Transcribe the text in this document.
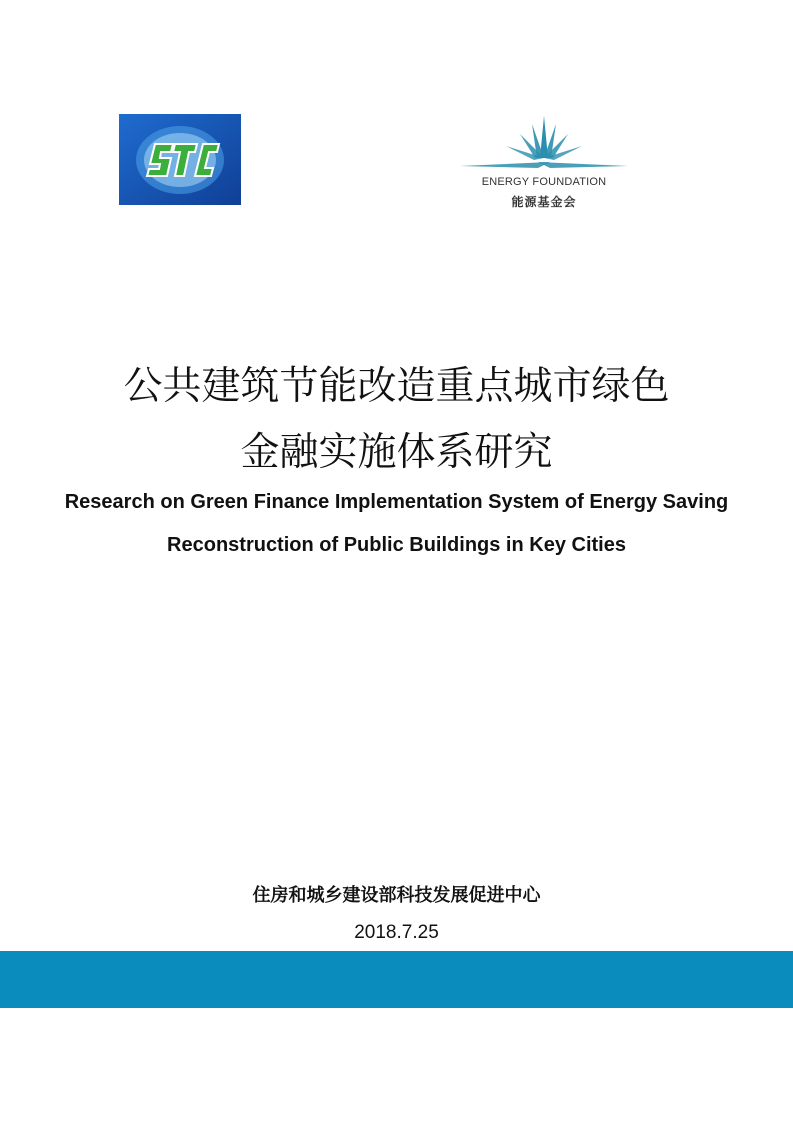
ENERGY FOUNDATION
能源基金会
公共建筑节能改造重点城市绿色
金融实施体系研究
Research on Green Finance Implementation System of Energy Saving
Reconstruction of Public Buildings in Key Cities
住房和城乡建设部科技发展促进中心
2018.7.25
